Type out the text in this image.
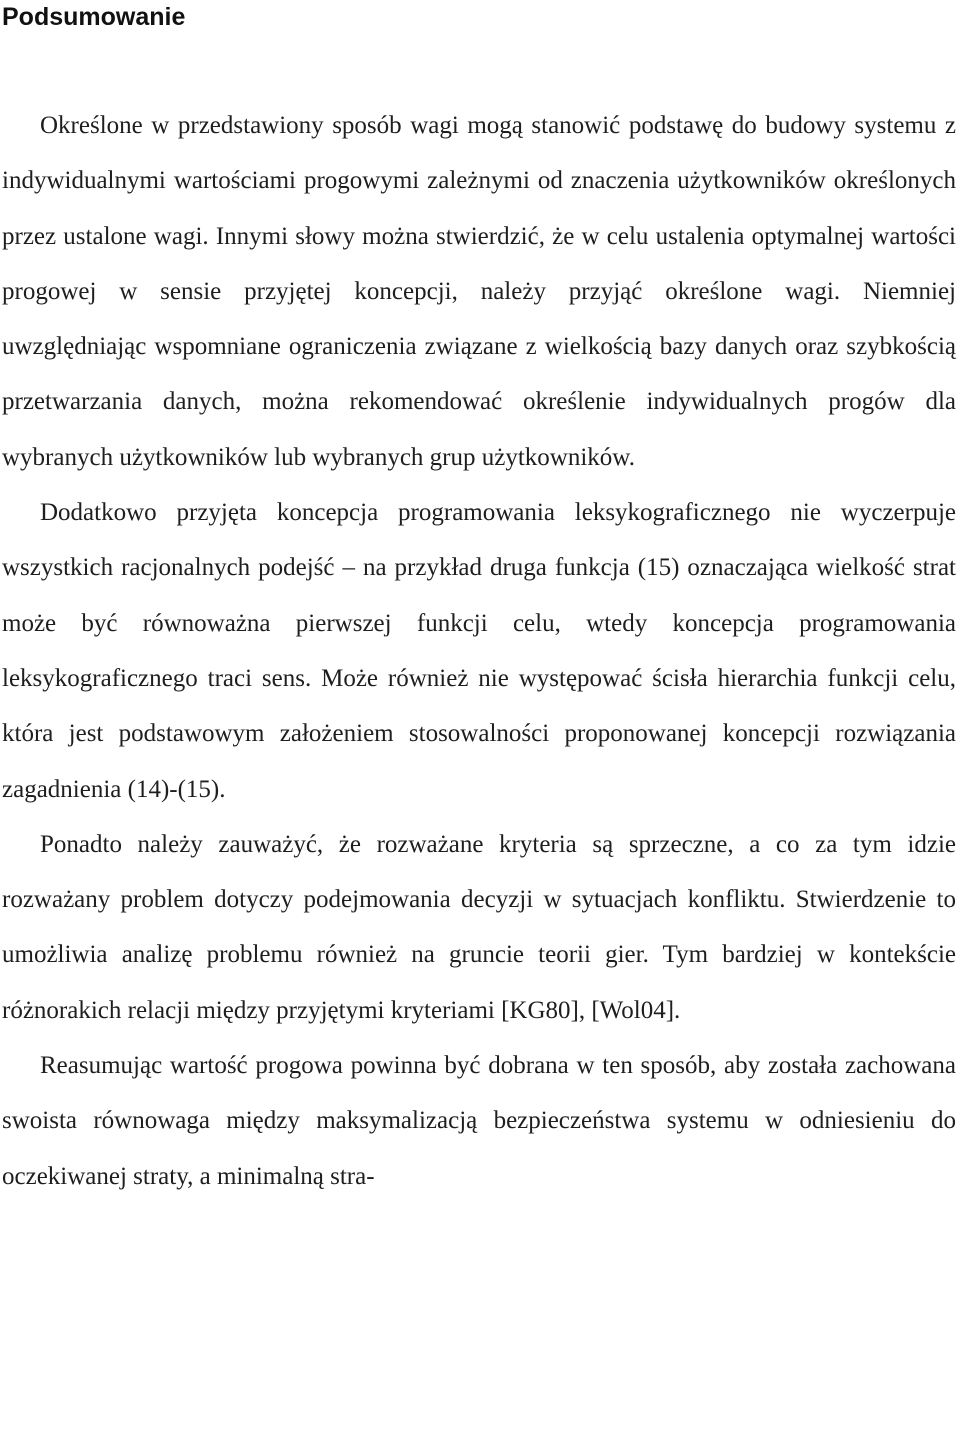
Podsumowanie

Określone w przedstawiony sposób wagi mogą stanowić podstawę do budowy systemu z indywidualnymi wartościami progowymi zależnymi od znaczenia użytkowników określonych przez ustalone wagi. Innymi słowy można stwierdzić, że w celu ustalenia optymalnej wartości progowej w sensie przyjętej koncepcji, należy przyjąć określone wagi. Niemniej uwzględniając wspomniane ograniczenia związane z wielkością bazy danych oraz szybkością przetwarzania danych, można rekomendować określenie indywidualnych progów dla wybranych użytkowników lub wybranych grup użytkowników.

Dodatkowo przyjęta koncepcja programowania leksykograficznego nie wyczerpuje wszystkich racjonalnych podejść – na przykład druga funkcja (15) oznaczająca wielkość strat może być równoważna pierwszej funkcji celu, wtedy koncepcja programowania leksykograficznego traci sens. Może również nie występować ścisła hierarchia funkcji celu, która jest podstawowym założeniem stosowalności proponowanej koncepcji rozwiązania zagadnienia (14)-(15).

Ponadto należy zauważyć, że rozważane kryteria są sprzeczne, a co za tym idzie rozważany problem dotyczy podejmowania decyzji w sytuacjach konfliktu. Stwierdzenie to umożliwia analizę problemu również na gruncie teorii gier. Tym bardziej w kontekście różnorakich relacji między przyjętymi kryteriami [KG80], [Wol04].

Reasumując wartość progowa powinna być dobrana w ten sposób, aby została zachowana swoista równowaga między maksymalizacją bezpieczeństwa systemu w odniesieniu do oczekiwanej straty, a minimalną stra-
